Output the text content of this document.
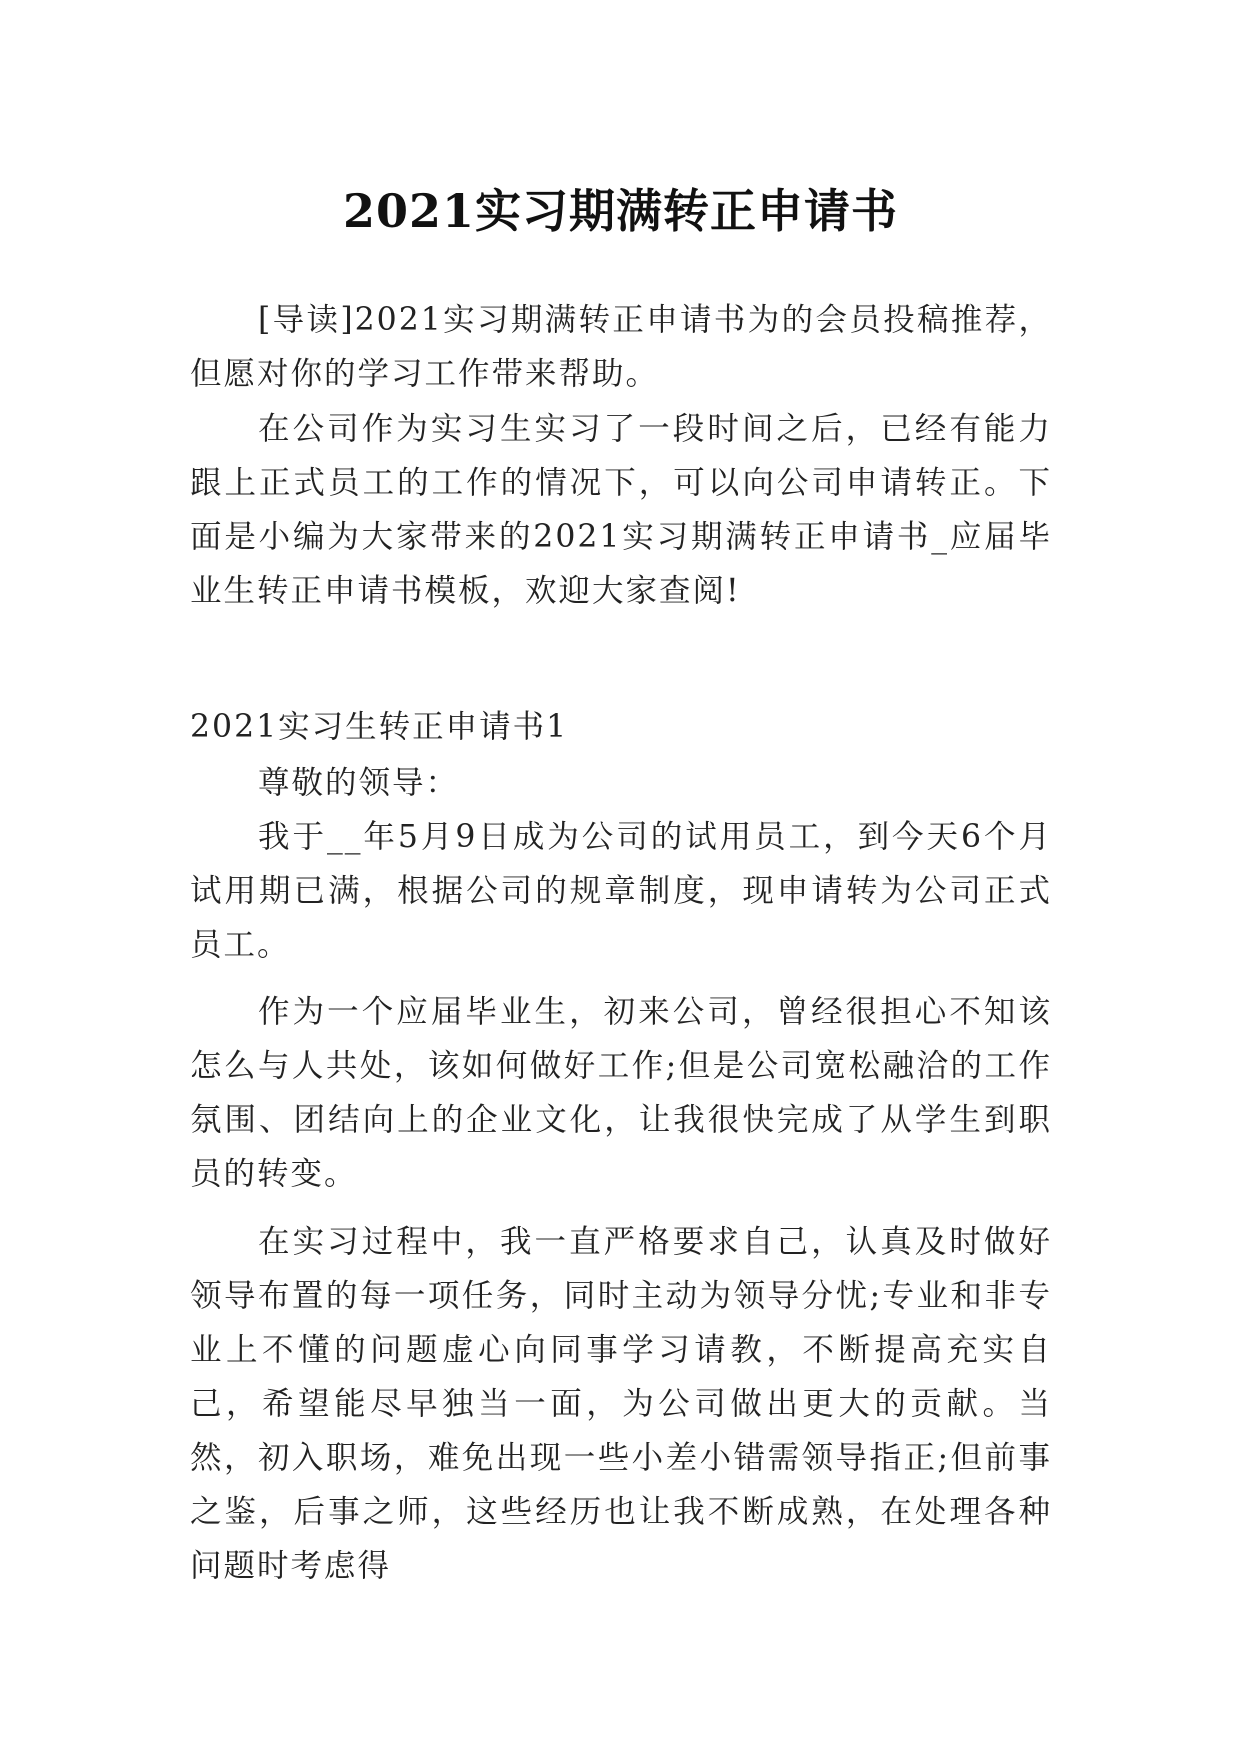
2021实习期满转正申请书

[导读]2021实习期满转正申请书为的会员投稿推荐，但愿对你的学习工作带来帮助。

在公司作为实习生实习了一段时间之后，已经有能力跟上正式员工的工作的情况下，可以向公司申请转正。下面是小编为大家带来的2021实习期满转正申请书_应届毕业生转正申请书模板，欢迎大家查阅!

2021实习生转正申请书1

尊敬的领导：

我于__年5月9日成为公司的试用员工，到今天6个月试用期已满，根据公司的规章制度，现申请转为公司正式员工。

作为一个应届毕业生，初来公司，曾经很担心不知该怎么与人共处，该如何做好工作;但是公司宽松融洽的工作氛围、团结向上的企业文化，让我很快完成了从学生到职员的转变。

在实习过程中，我一直严格要求自己，认真及时做好领导布置的每一项任务，同时主动为领导分忧;专业和非专业上不懂的问题虚心向同事学习请教，不断提高充实自己，希望能尽早独当一面，为公司做出更大的贡献。当然，初入职场，难免出现一些小差小错需领导指正;但前事之鉴，后事之师，这些经历也让我不断成熟，在处理各种问题时考虑得
